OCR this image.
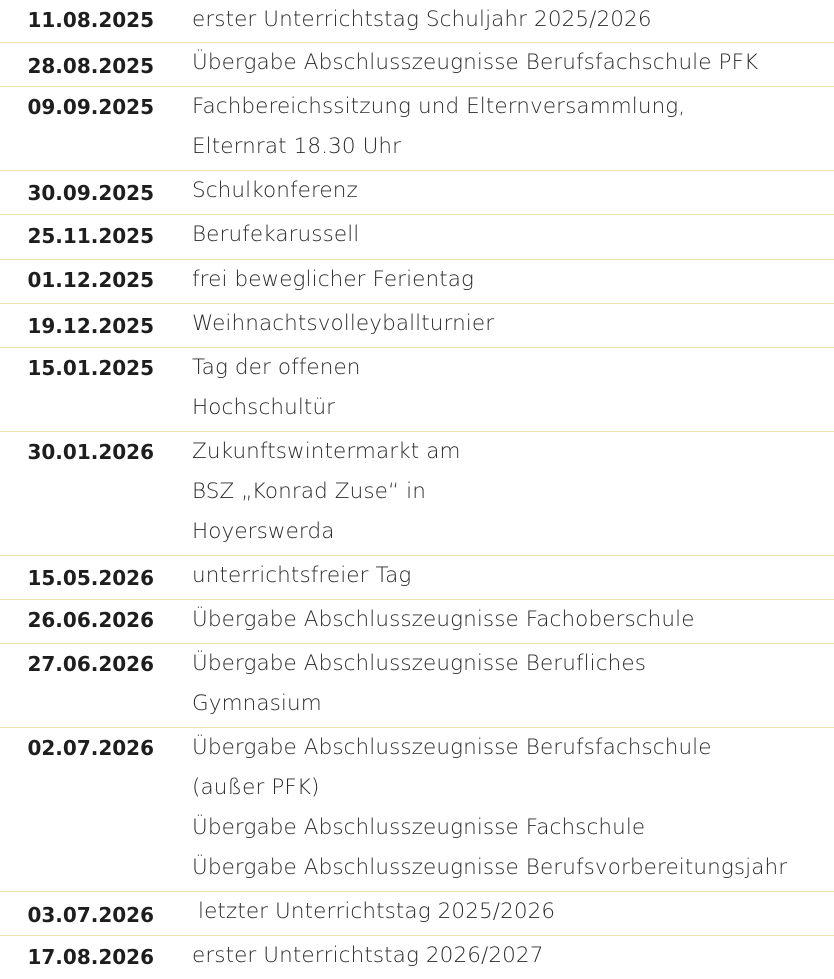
11.08.2025	erster Unterrichtstag Schuljahr 2025/2026
28.08.2025	Übergabe Abschlusszeugnisse Berufsfachschule PFK
09.09.2025	Fachbereichssitzung und Elternversammlung,
Elternrat 18.30 Uhr
30.09.2025	Schulkonferenz
25.11.2025	Berufekarussell
01.12.2025	frei beweglicher Ferientag
19.12.2025	Weihnachtsvolleyballturnier
15.01.2025	Tag der offenen
Hochschultür
30.01.2026	Zukunftswintermarkt am
BSZ „Konrad Zuse“ in
Hoyerswerda
15.05.2026	unterrichtsfreier Tag
26.06.2026	Übergabe Abschlusszeugnisse Fachoberschule
27.06.2026	Übergabe Abschlusszeugnisse Berufliches
Gymnasium
02.07.2026	Übergabe Abschlusszeugnisse Berufsfachschule
(außer PFK)
Übergabe Abschlusszeugnisse Fachschule
Übergabe Abschlusszeugnisse Berufsvorbereitungsjahr
03.07.2026	letzter Unterrichtstag 2025/2026
17.08.2026	erster Unterrichtstag 2026/2027
